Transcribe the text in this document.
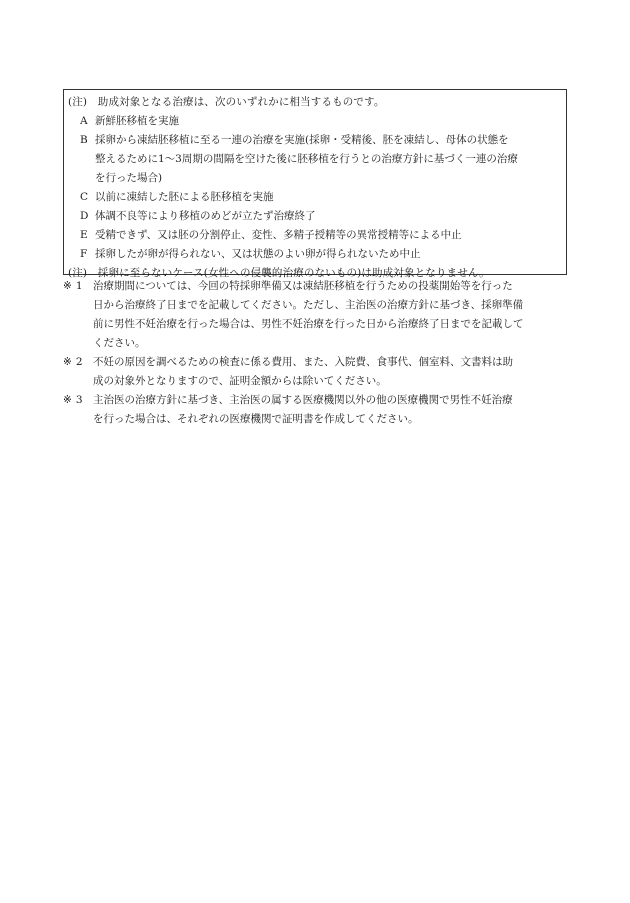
(注)　助成対象となる治療は、次のいずれかに相当するものです。
A 新鮮胚移植を実施
B 採卵から凍結胚移植に至る一連の治療を実施(採卵・受精後、胚を凍結し、母体の状態を
整えるために1～3周期の間隔を空けた後に胚移植を行うとの治療方針に基づく一連の治療
を行った場合)
C 以前に凍結した胚による胚移植を実施
D 体調不良等により移植のめどが立たず治療終了
E 受精できず、又は胚の分割停止、変性、多精子授精等の異常授精等による中止
F 採卵したが卵が得られない、又は状態のよい卵が得られないため中止
(注)　採卵に至らないケース(女性への侵襲的治療のないもの)は助成対象となりません。
※ 1	治療期間については、今回の特採卵準備又は凍結胚移植を行うための投薬開始等を行った
日から治療終了日までを記載してください。ただし、主治医の治療方針に基づき、採卵準備
前に男性不妊治療を行った場合は、男性不妊治療を行った日から治療終了日までを記載して
ください。
※ 2	不妊の原因を調べるための検査に係る費用、また、入院費、食事代、個室料、文書料は助
成の対象外となりますので、証明金額からは除いてください。
※ 3	主治医の治療方針に基づき、主治医の属する医療機関以外の他の医療機関で男性不妊治療
を行った場合は、それぞれの医療機関で証明書を作成してください。
